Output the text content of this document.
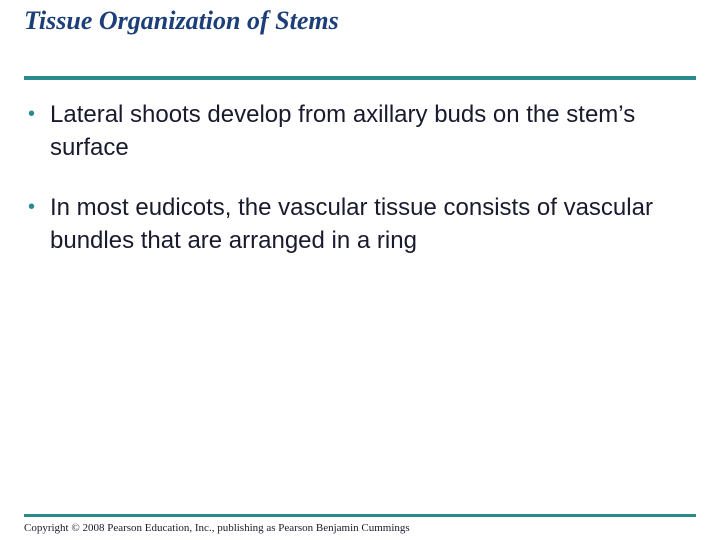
Tissue Organization of Stems
• Lateral shoots develop from axillary buds on the stem’s surface
• In most eudicots, the vascular tissue consists of vascular bundles that are arranged in a ring
Copyright © 2008 Pearson Education, Inc., publishing as Pearson Benjamin Cummings
